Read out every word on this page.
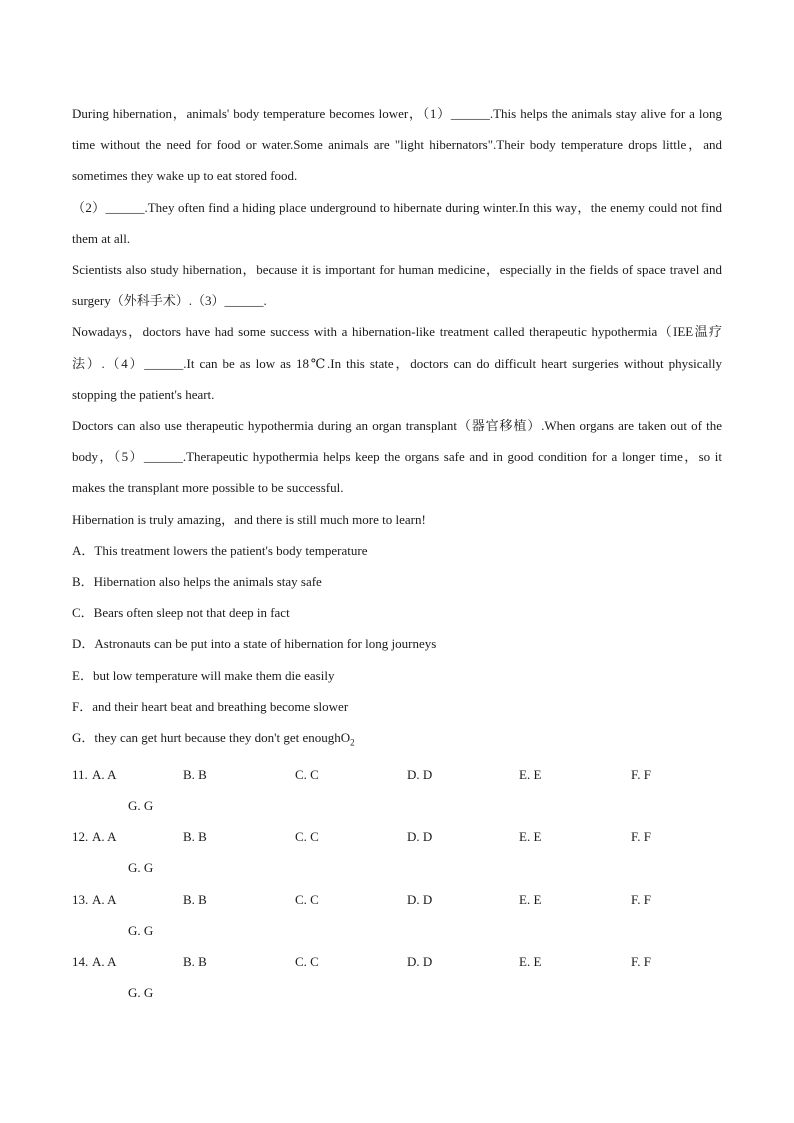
During hibernation，animals' body temperature becomes lower，（1）______.This helps the animals stay alive for a long time without the need for food or water.Some animals are "light hibernators".Their body temperature drops little，and sometimes they wake up to eat stored food.

（2）______.They often find a hiding place underground to hibernate during winter.In this way，the enemy could not find them at all.

Scientists also study hibernation，because it is important for human medicine，especially in the fields of space travel and surgery（外科手术）.（3）______.

Nowadays，doctors have had some success with a hibernation-like treatment called therapeutic hypothermia（IEE温疗法）.（4）______.It can be as low as 18℃.In this state，doctors can do difficult heart surgeries without physically stopping the patient's heart.

Doctors can also use therapeutic hypothermia during an organ transplant（器官移植）.When organs are taken out of the body，（5）______.Therapeutic hypothermia helps keep the organs safe and in good condition for a longer time，so it makes the transplant more possible to be successful.

Hibernation is truly amazing，and there is still much more to learn!

A．This treatment lowers the patient's body temperature
B．Hibernation also helps the animals stay safe
C．Bears often sleep not that deep in fact
D．Astronauts can be put into a state of hibernation for long journeys
E．but low temperature will make them die easily
F．and their heart beat and breathing become slower
G．they can get hurt because they don't get enoughO$_2$
11. A. A	B. B	C. C	D. D	E. E	F. F
G. G
12. A. A	B. B	C. C	D. D	E. E	F. F
G. G
13. A. A	B. B	C. C	D. D	E. E	F. F
G. G
14. A. A	B. B	C. C	D. D	E. E	F. F
G. G
